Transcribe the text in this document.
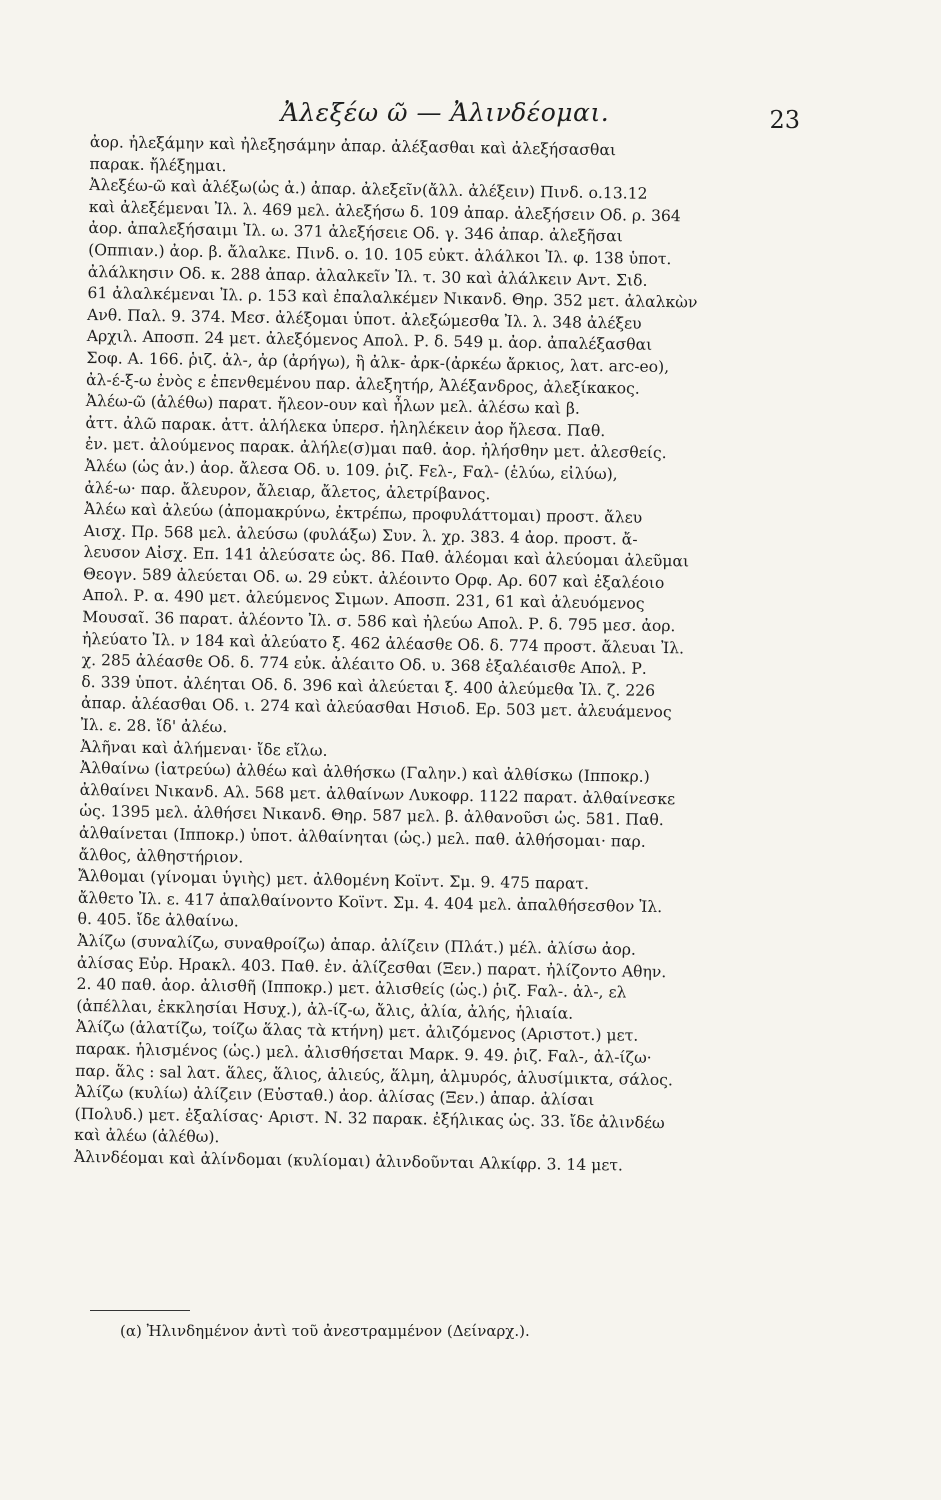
Ἀλεξέω ῶ — Ἀλινδέομαι.	23
ἀορ. ἠλεξάμην καὶ ἠλεξησάμην ἀπαρ. ἀλέξασθαι καὶ ἀλεξήσασθαι
παρακ. ἤλέξημαι.
Ἀλεξέω-ῶ καὶ ἀλέξω(ὡς ἀ.) ἀπαρ. ἀλεξεῖν(ἄλλ. ἀλέξειν) Πινδ. ο.13.12
καὶ ἀλεξέμεναι Ἰλ. λ. 469 μελ. ἀλεξήσω δ. 109 ἀπαρ. ἀλεξήσειν Οδ. ρ. 364
ἀορ. ἀπαλεξήσαιμι Ἰλ. ω. 371 ἀλεξήσειε Οδ. γ. 346 ἀπαρ. ἀλεξῆσαι
(Οππιαν.) ἀορ. β. ἄλαλκε. Πινδ. ο. 10. 105 εὐκτ. ἀλάλκοι Ἰλ. φ. 138 ὑποτ.
ἀλάλκησιν Οδ. κ. 288 ἀπαρ. ἀλαλκεῖν Ἰλ. τ. 30 καὶ ἀλάλκειν Αντ. Σιδ.
61 ἀλαλκέμεναι Ἰλ. ρ. 153 καὶ ἐπαλαλκέμεν Νικανδ. Θηρ. 352 μετ. ἀλαλκὼν
Ανθ. Παλ. 9. 374. Μεσ. ἀλέξομαι ὑποτ. ἀλεξώμεσθα Ἰλ. λ. 348 ἀλέξευ
Αρχιλ. Αποσπ. 24 μετ. ἀλεξόμενος Απολ. Ρ. δ. 549 μ. ἀορ. ἀπαλέξασθαι
Σοφ. Α. 166. ῥιζ. ἀλ-, ἀρ (ἀρήγω), ἢ ἀλκ- ἀρκ-(ἀρκέω ἄρκιος, λατ. arc-eo),
ἀλ-έ-ξ-ω ἐνὸς ε ἐπενθεμένου παρ. ἀλεξητήρ, Ἀλέξανδρος, ἀλεξίκακος.
Ἀλέω-ῶ (ἀλέθω) παρατ. ἤλεον-ουν καὶ ἦλων μελ. ἀλέσω καὶ β.
ἀττ. ἀλῶ παρακ. ἀττ. ἀλήλεκα ὑπερσ. ἠληλέκειν ἀορ ἤλεσα. Παθ.
ἐν. μετ. ἀλούμενος παρακ. ἀλήλε(σ)μαι παθ. ἀορ. ἠλήσθην μετ. ἀλεσθείς.
Ἀλέω (ὡς ἀν.) ἀορ. ἄλεσα Οδ. υ. 109. ῥιζ. Fελ-, Fαλ- (ἑλύω, εἰλύω),
ἀλέ-ω· παρ. ἄλευρον, ἄλειαρ, ἄλετος, ἀλετρίβανος.
Ἀλέω καὶ ἀλεύω (ἀπομακρύνω, ἐκτρέπω, προφυλάττομαι) προστ. ἄλευ
Αισχ. Πρ. 568 μελ. ἀλεύσω (φυλάξω) Συν. λ. χρ. 383. 4 ἀορ. προστ. ἄ-
λευσον Αἰσχ. Επ. 141 ἀλεύσατε ὡς. 86. Παθ. ἀλέομαι καὶ ἀλεύομαι ἀλεῦμαι
Θεογν. 589 ἀλεύεται Οδ. ω. 29 εὐκτ. ἀλέοιντο Ορφ. Αρ. 607 καὶ ἐξαλέοιο
Απολ. Ρ. α. 490 μετ. ἀλεύμενος Σιμων. Αποσπ. 231, 61 καὶ ἀλευόμενος
Μουσαῖ. 36 παρατ. ἀλέοντο Ἰλ. σ. 586 καὶ ἠλεύω Απολ. Ρ. δ. 795 μεσ. ἀορ.
ἠλεύατο Ἰλ. ν 184 καὶ ἀλεύατο ξ. 462 ἀλέασθε Οδ. δ. 774 προστ. ἄλευαι Ἰλ.
χ. 285 ἀλέασθε Οδ. δ. 774 εὐκ. ἀλέαιτο Οδ. υ. 368 ἐξαλέαισθε Απολ. Ρ.
δ. 339 ὑποτ. ἀλέηται Οδ. δ. 396 καὶ ἀλεύεται ξ. 400 ἀλεύμεθα Ἰλ. ζ. 226
ἀπαρ. ἀλέασθαι Οδ. ι. 274 καὶ ἀλεύασθαι Ησιοδ. Ερ. 503 μετ. ἀλευάμενος
Ἰλ. ε. 28. ἴδ' ἀλέω.
Ἀλῆναι καὶ ἀλήμεναι· ἴδε εἴλω.
Ἀλθαίνω (ἰατρεύω) ἀλθέω καὶ ἀλθήσκω (Γαλην.) καὶ ἀλθίσκω (Ιπποκρ.)
ἀλθαίνει Νικανδ. Αλ. 568 μετ. ἀλθαίνων Λυκοφρ. 1122 παρατ. ἀλθαίνεσκε
ὡς. 1395 μελ. ἀλθήσει Νικανδ. Θηρ. 587 μελ. β. ἀλθανοῦσι ὡς. 581. Παθ.
ἀλθαίνεται (Ιπποκρ.) ὑποτ. ἀλθαίνηται (ὡς.) μελ. παθ. ἀλθήσομαι· παρ.
ἄλθος, ἀλθηστήριον.
Ἄλθομαι (γίνομαι ὑγιὴς) μετ. ἀλθομένη Κοϊντ. Σμ. 9. 475 παρατ.
ἄλθετο Ἰλ. ε. 417 ἀπαλθαίνοντο Κοϊντ. Σμ. 4. 404 μελ. ἀπαλθήσεσθον Ἰλ.
θ. 405. ἴδε ἀλθαίνω.
Ἀλίζω (συναλίζω, συναθροίζω) ἀπαρ. ἀλίζειν (Πλάτ.) μέλ. ἀλίσω ἀορ.
ἀλίσας Εὐρ. Ηρακλ. 403. Παθ. ἐν. ἀλίζεσθαι (Ξεν.) παρατ. ἠλίζοντο Αθην.
2. 40 παθ. ἀορ. ἀλισθῆ (Ιπποκρ.) μετ. ἀλισθείς (ὡς.) ῥιζ. Fαλ-. ἀλ-, ελ
(ἀπέλλαι, ἐκκλησίαι Ησυχ.), ἀλ-ίζ-ω, ἄλις, ἀλία, ἀλής, ἡλιαία.
Ἀλίζω (ἁλατίζω, τοίζω ἅλας τὰ κτήνη) μετ. ἀλιζόμενος (Αριστοτ.) μετ.
παρακ. ἡλισμένος (ὡς.) μελ. ἀλισθήσεται Μαρκ. 9. 49. ῥιζ. Fαλ-, ἀλ-ίζω·
παρ. ἅλς : sal λατ. ἅλες, ἅλιος, ἁλιεύς, ἅλμη, ἁλμυρός, ἁλυσίμικτα, σάλος.
Ἀλίζω (κυλίω) ἀλίζειν (Εὐσταθ.) ἀορ. ἀλίσας (Ξεν.) ἀπαρ. ἀλίσαι
(Πολυδ.) μετ. ἐξαλίσας· Αριστ. Ν. 32 παρακ. ἐξήλικας ὡς. 33. ἴδε ἀλινδέω
καὶ ἀλέω (ἀλέθω).
Ἀλινδέομαι καὶ ἀλίνδομαι (κυλίομαι) ἀλινδοῦνται Αλκίφρ. 3. 14 μετ.
(α) Ἠλινδημένον ἀντὶ τοῦ ἀνεστραμμένον (Δείναρχ.).
